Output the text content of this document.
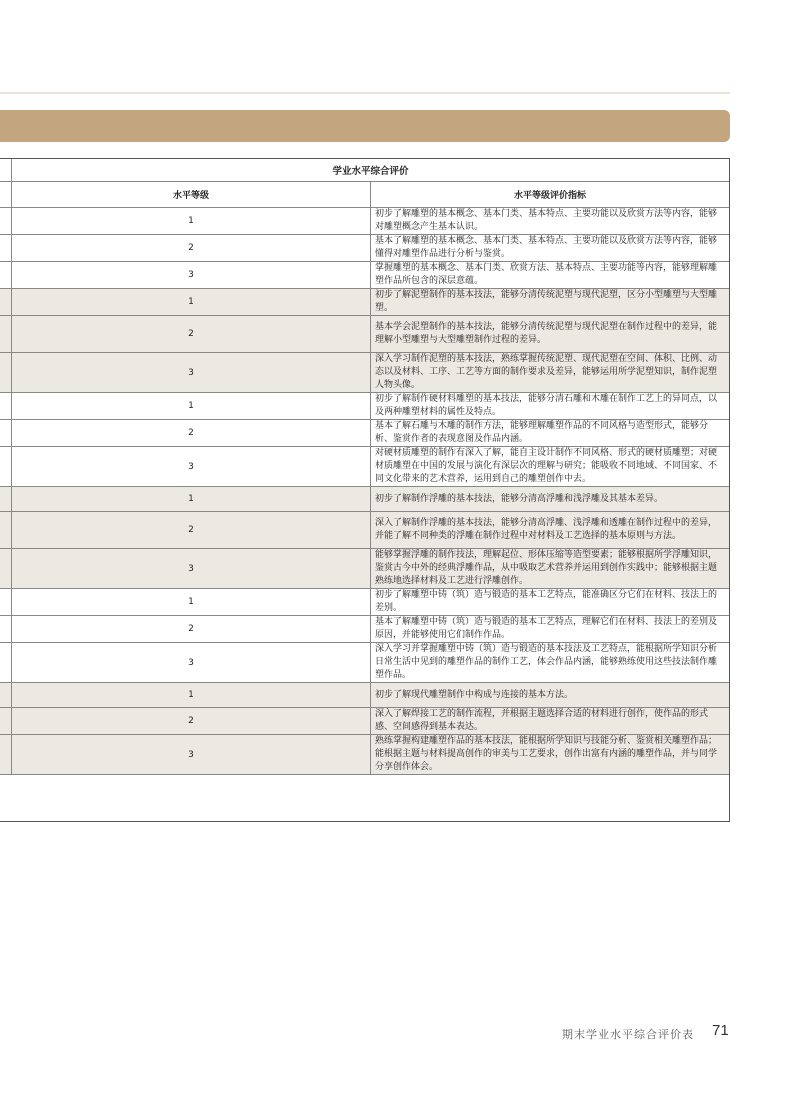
	学业水平综合评价	
	水平等级	水平等级评价指标
	1	初步了解雕塑的基本概念、基本门类、基本特点、主要功能以及欣赏方法等内容，能够对雕塑概念产生基本认识。
	2	基本了解雕塑的基本概念、基本门类、基本特点、主要功能以及欣赏方法等内容，能够懂得对雕塑作品进行分析与鉴赏。
	3	掌握雕塑的基本概念、基本门类、欣赏方法、基本特点、主要功能等内容，能够理解雕塑作品所包含的深层意蕴。
	1	初步了解泥塑制作的基本技法，能够分清传统泥塑与现代泥塑，区分小型雕塑与大型雕塑。
	2	基本学会泥塑制作的基本技法，能够分清传统泥塑与现代泥塑在制作过程中的差异，能理解小型雕塑与大型雕塑制作过程的差异。
	3	深入学习制作泥塑的基本技法，熟练掌握传统泥塑、现代泥塑在空间、体积、比例、动态以及材料、工序、工艺等方面的制作要求及差异，能够运用所学泥塑知识，制作泥塑人物头像。
	1	初步了解制作硬材料雕塑的基本技法，能够分清石雕和木雕在制作工艺上的异同点，以及两种雕塑材料的属性及特点。
	2	基本了解石雕与木雕的制作方法，能够理解雕塑作品的不同风格与造型形式，能够分析、鉴赏作者的表现意图及作品内涵。
	3	对硬材质雕塑的制作有深入了解，能自主设计制作不同风格、形式的硬材质雕塑；对硬材质雕塑在中国的发展与演化有深层次的理解与研究；能吸收不同地域、不同国家、不同文化带来的艺术营养，运用到自己的雕塑创作中去。
	1	初步了解制作浮雕的基本技法，能够分清高浮雕和浅浮雕及其基本差异。
	2	深入了解制作浮雕的基本技法，能够分清高浮雕、浅浮雕和透雕在制作过程中的差异，并能了解不同种类的浮雕在制作过程中对材料及工艺选择的基本原则与方法。
	3	能够掌握浮雕的制作技法，理解起位、形体压缩等造型要素；能够根据所学浮雕知识，鉴赏古今中外的经典浮雕作品，从中吸取艺术营养并运用到创作实践中；能够根据主题熟练地选择材料及工艺进行浮雕创作。
	1	初步了解雕塑中铸（筑）造与锻造的基本工艺特点，能准确区分它们在材料、技法上的差别。
	2	基本了解雕塑中铸（筑）造与锻造的基本工艺特点，理解它们在材料、技法上的差别及原因，并能够使用它们制作作品。
	3	深入学习并掌握雕塑中铸（筑）造与锻造的基本技法及工艺特点，能根据所学知识分析日常生活中见到的雕塑作品的制作工艺，体会作品内涵，能够熟练使用这些技法制作雕塑作品。
	1	初步了解现代雕塑制作中构成与连接的基本方法。
	2	深入了解焊接工艺的制作流程，并根据主题选择合适的材料进行创作，使作品的形式感、空间感得到基本表达。
	3	熟练掌握构建雕塑作品的基本技法，能根据所学知识与技能分析、鉴赏相关雕塑作品；能根据主题与材料提高创作的审美与工艺要求，创作出富有内涵的雕塑作品，并与同学分享创作体会。
期末学业水平综合评价表 71
